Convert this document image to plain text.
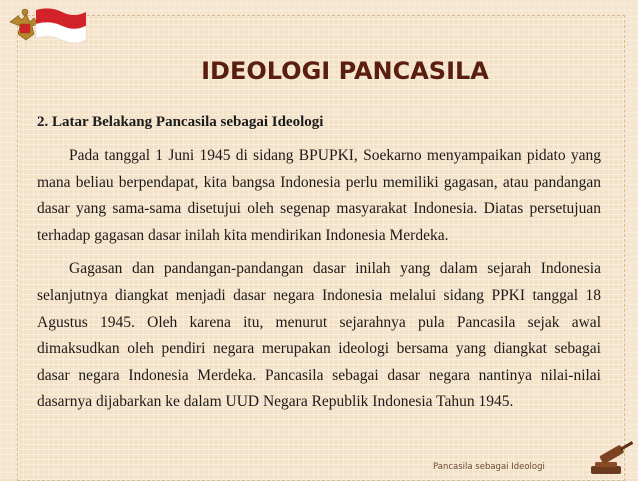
IDEOLOGI PANCASILA
2. Latar Belakang Pancasila sebagai Ideologi

Pada tanggal 1 Juni 1945 di sidang BPUPKI, Soekarno menyampaikan pidato yang mana beliau berpendapat, kita bangsa Indonesia perlu memiliki gagasan, atau pandangan dasar yang sama-sama disetujui oleh segenap masyarakat Indonesia. Diatas persetujuan terhadap gagasan dasar inilah kita mendirikan Indonesia Merdeka.

Gagasan dan pandangan-pandangan dasar inilah yang dalam sejarah Indonesia selanjutnya diangkat menjadi dasar negara Indonesia melalui sidang PPKI tanggal 18 Agustus 1945. Oleh karena itu, menurut sejarahnya pula Pancasila sejak awal dimaksudkan oleh pendiri negara merupakan ideologi bersama yang diangkat sebagai dasar negara Indonesia Merdeka. Pancasila sebagai dasar negara nantinya nilai-nilai dasarnya dijabarkan ke dalam UUD Negara Republik Indonesia Tahun 1945.

Pancasila sebagai Ideologi
